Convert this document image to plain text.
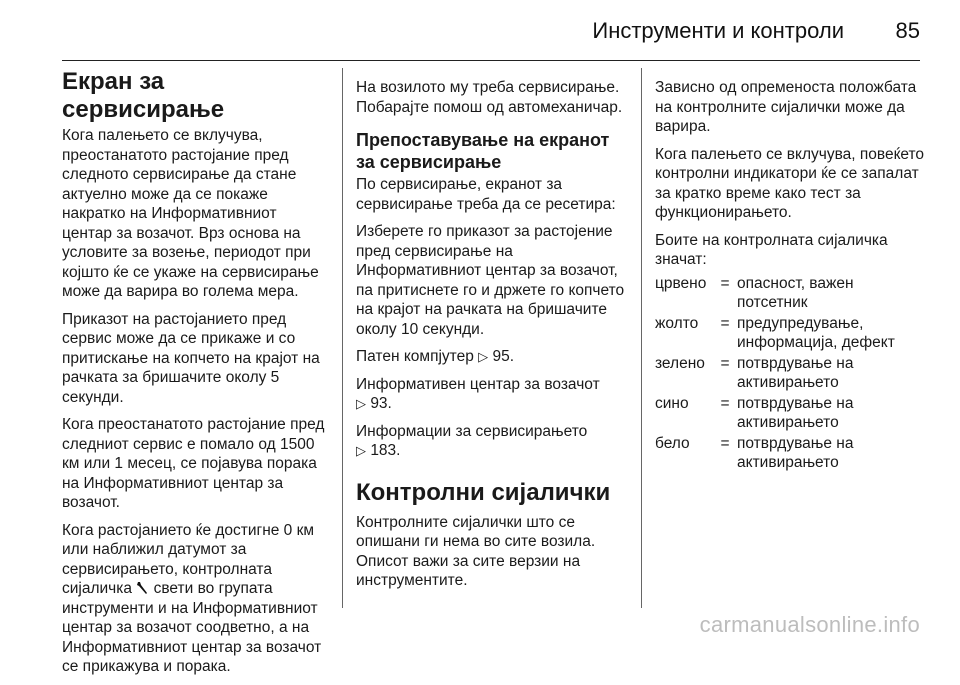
Инструменти и контроли 85
Екран за сервисирање

Кога палењето се вклучува, преостанатото растојание пред следното сервисирање да стане актуелно може да се покаже накратко на Информативниот центар за возачот. Врз основа на условите за возење, периодот при којшто ќе се укаже на сервисирање може да варира во голема мера.

Приказот на растојанието пред сервис може да се прикаже и со притискање на копчето на крајот на рачката за бришачите околу 5 секунди.

Кога преостанатото растојание пред следниот сервис е помало од 1500 км или 1 месец, се појавува порака на Информативниот центар за возачот.

Кога растојанието ќе достигне 0 км или наближил датумот за сервисирањето, контролната сијаличка свети во групата инструменти и на Информативниот центар за возачот соодветно, а на Информативниот центар за возачот се прикажува и порака.

На возилото му треба сервисирање. Побарајте помош од автомеханичар.

Препоставување на екранот за сервисирање

По сервисирање, екранот за сервисирање треба да се ресетира:

Изберете го приказот за растојение пред сервисирање на Информативниот центар за возачот, па притиснете го и држете го копчето на крајот на рачката на бришачите околу 10 секунди.

Патен компјутер ▷ 95.

Информативен центар за возачот
▷ 93.

Информации за сервисирањето
▷ 183.

Контролни сијалички

Контролните сијалички што се опишани ги нема во сите возила. Описот важи за сите верзии на инструментите.

Зависно од опременоста положбата на контролните сијалички може да варира.

Кога палењето се вклучува, повеќето контролни индикатори ќе се запалат за кратко време како тест за функционирањето.

Боите на контролната сијаличка значат:

црвено	=	опасност, важен потсетник
жолто	=	предупредување, информација, дефект
зелено	=	потврдување на активирањето
сино	=	потврдување на активирањето
бело	=	потврдување на активирањето
carmanualsonline.info
